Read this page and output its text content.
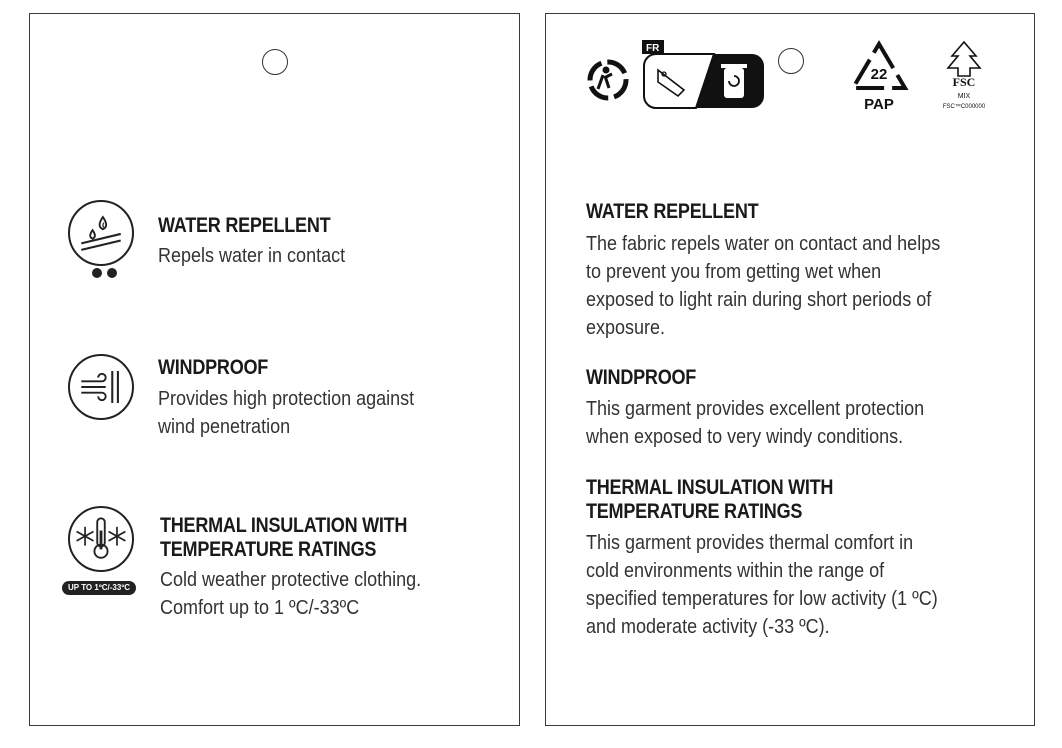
WATER REPELLENT
Repels water in contact
WINDPROOF
Provides high protection against
wind penetration
UP TO 1ºC/-33ºC
THERMAL INSULATION WITH
TEMPERATURE RATINGS
Cold weather protective clothing.
Comfort up to 1 ºC/-33ºC
FR
22
PAP
FSC
MIX
FSC™C000000
WATER REPELLENT
The fabric repels water on contact and helps
to prevent you from getting wet when
exposed to light rain during short periods of
exposure.
WINDPROOF
This garment provides excellent protection
when exposed to very windy conditions.
THERMAL INSULATION WITH
TEMPERATURE RATINGS
This garment provides thermal comfort in
cold environments within the range of
specified temperatures for low activity (1 ºC)
and moderate activity (-33 ºC).
